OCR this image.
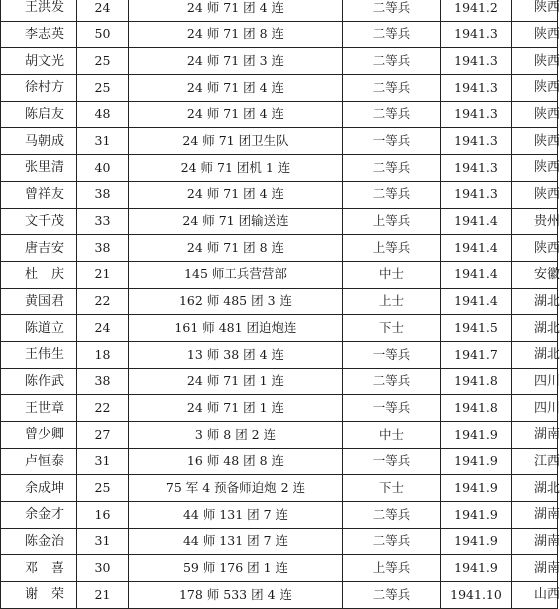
王洪发	24	24 师 71 团 4 连	二等兵	1941.2	陕西
李志英	50	24 师 71 团 8 连	二等兵	1941.3	陕西
胡文光	25	24 师 71 团 3 连	二等兵	1941.3	陕西
徐村方	25	24 师 71 团 4 连	二等兵	1941.3	陕西
陈启友	48	24 师 71 团 4 连	二等兵	1941.3	陕西
马朝成	31	24 师 71 团卫生队	一等兵	1941.3	陕西
张里清	40	24 师 71 团机 1 连	二等兵	1941.3	陕西
曾祥友	38	24 师 71 团 4 连	二等兵	1941.3	陕西
文千茂	33	24 师 71 团输送连	上等兵	1941.4	贵州
唐吉安	38	24 师 71 团 8 连	上等兵	1941.4	陕西
杜　庆	21	145 师工兵营营部	中士	1941.4	安徽
黄国君	22	162 师 485 团 3 连	上士	1941.4	湖北
陈道立	24	161 师 481 团迫炮连	下士	1941.5	湖北
王伟生	18	13 师 38 团 4 连	一等兵	1941.7	湖北
陈作武	38	24 师 71 团 1 连	二等兵	1941.8	四川
王世章	22	24 师 71 团 1 连	一等兵	1941.8	四川
曾少卿	27	3 师 8 团 2 连	中士	1941.9	湖南
卢恒泰	31	16 师 48 团 8 连	一等兵	1941.9	江西
余成坤	25	75 军 4 预备师迫炮 2 连	下士	1941.9	湖北
余金才	16	44 师 131 团 7 连	二等兵	1941.9	湖南
陈金治	31	44 师 131 团 7 连	二等兵	1941.9	湖南
邓　喜	30	59 师 176 团 1 连	上等兵	1941.9	湖南
谢　荣	21	178 师 533 团 4 连	二等兵	1941.10	山西
